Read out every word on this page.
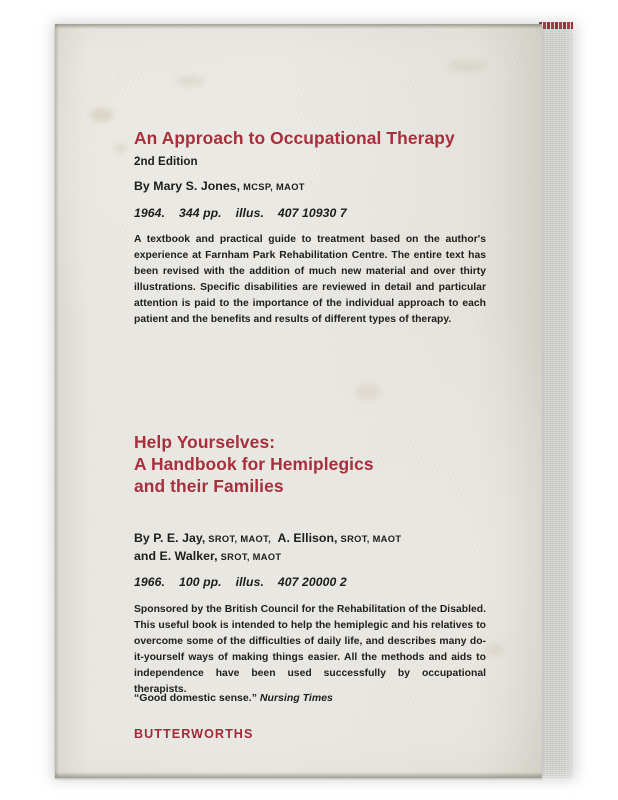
An Approach to Occupational Therapy
2nd Edition

By Mary S. Jones, MCSP, MAOT

1964.    344 pp.    illus.    407 10930 7

A textbook and practical guide to treatment based on the author's experience at Farnham Park Rehabilitation Centre. The entire text has been revised with the addition of much new material and over thirty illustrations. Specific disabilities are reviewed in detail and particular attention is paid to the importance of the individual approach to each patient and the benefits and results of different types of therapy.

Help Yourselves:
A Handbook for Hemiplegics
and their Families

By P. E. Jay, SROT, MAOT, A. Ellison, SROT, MAOT

and E. Walker, SROT, MAOT

1966.    100 pp.    illus.    407 20000 2

Sponsored by the British Council for the Rehabilitation of the Disabled. This useful book is intended to help the hemiplegic and his relatives to overcome some of the difficulties of daily life, and describes many do-it-yourself ways of making things easier. All the methods and aids to independence have been used successfully by occupational therapists.

“Good domestic sense.” Nursing Times

BUTTERWORTHS
